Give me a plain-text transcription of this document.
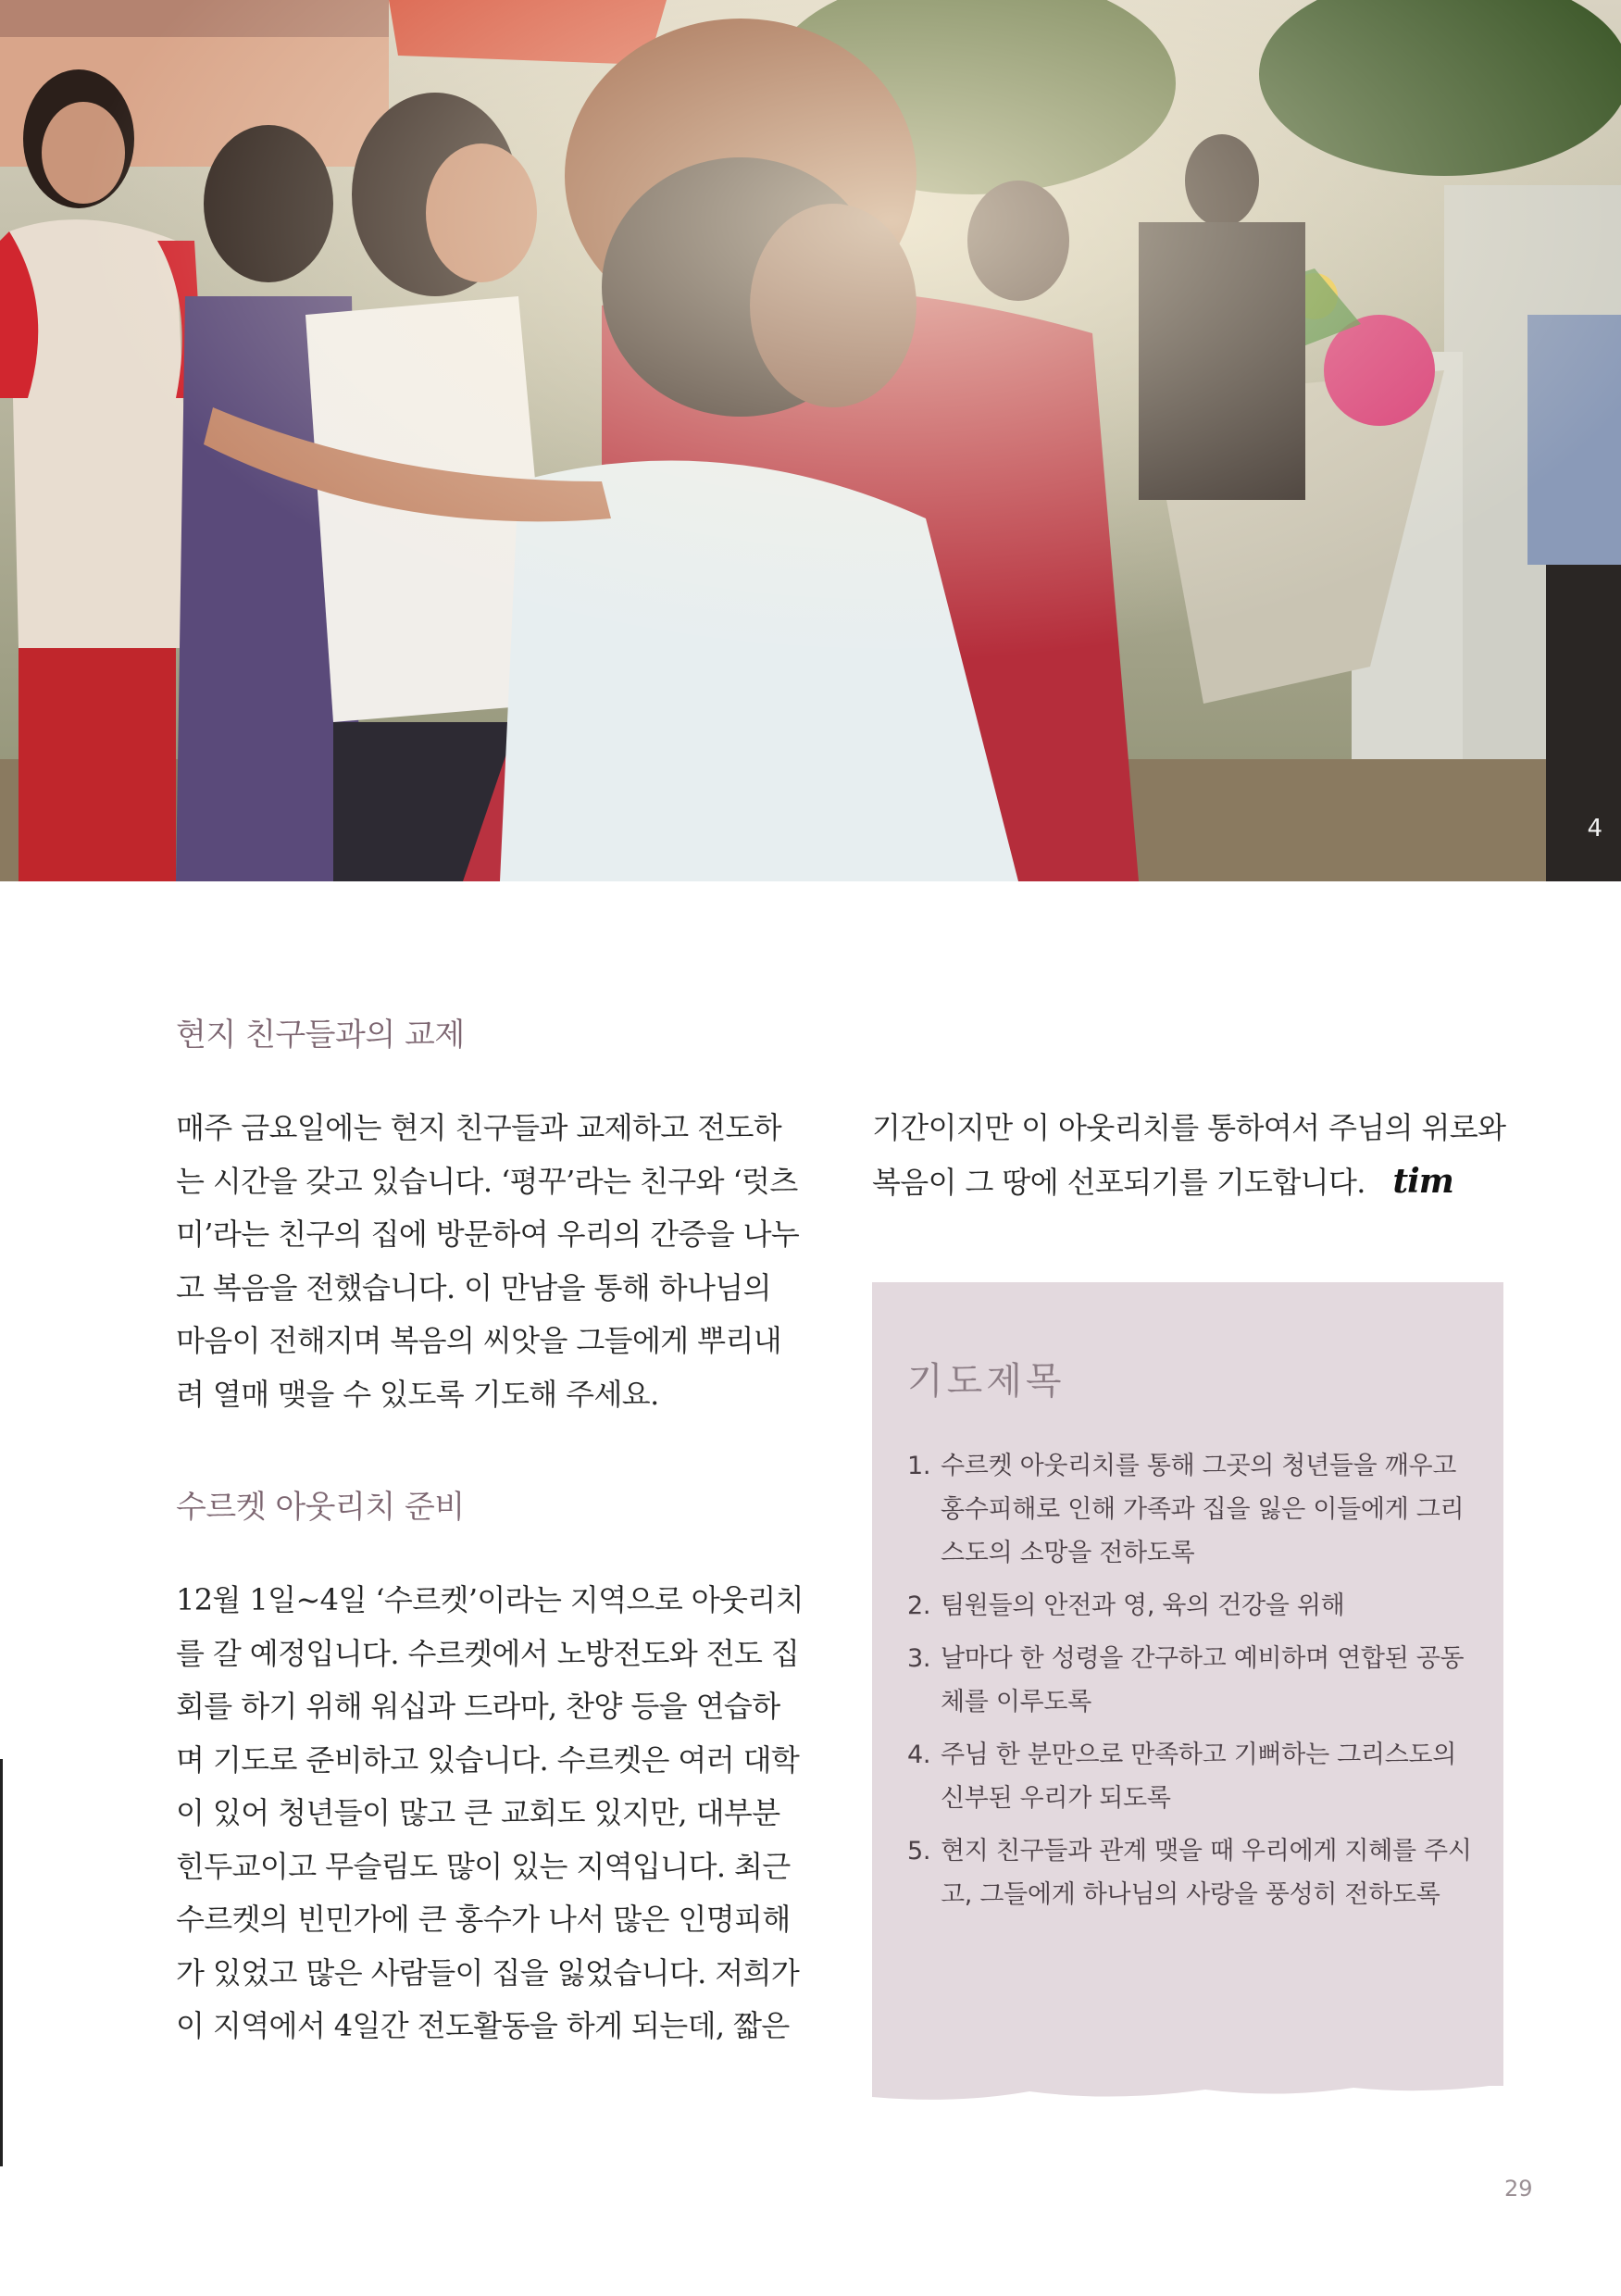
4
현지 친구들과의 교제

매주 금요일에는 현지 친구들과 교제하고 전도하는 시간을 갖고 있습니다. ‘평꾸’라는 친구와 ‘럿츠미’라는 친구의 집에 방문하여 우리의 간증을 나누고 복음을 전했습니다. 이 만남을 통해 하나님의 마음이 전해지며 복음의 씨앗을 그들에게 뿌리내려 열매 맺을 수 있도록 기도해 주세요.

수르켓 아웃리치 준비

12월 1일~4일 ‘수르켓’이라는 지역으로 아웃리치를 갈 예정입니다. 수르켓에서 노방전도와 전도 집회를 하기 위해 워십과 드라마, 찬양 등을 연습하며 기도로 준비하고 있습니다. 수르켓은 여러 대학이 있어 청년들이 많고 큰 교회도 있지만, 대부분 힌두교이고 무슬림도 많이 있는 지역입니다. 최근 수르켓의 빈민가에 큰 홍수가 나서 많은 인명피해가 있었고 많은 사람들이 집을 잃었습니다. 저희가 이 지역에서 4일간 전도활동을 하게 되는데, 짧은

기간이지만 이 아웃리치를 통하여서 주님의 위로와 복음이 그 땅에 선포되기를 기도합니다. tim

기도제목
1. 수르켓 아웃리치를 통해 그곳의 청년들을 깨우고 홍수피해로 인해 가족과 집을 잃은 이들에게 그리스도의 소망을 전하도록
2. 팀원들의 안전과 영, 육의 건강을 위해
3. 날마다 한 성령을 간구하고 예비하며 연합된 공동체를 이루도록
4. 주님 한 분만으로 만족하고 기뻐하는 그리스도의 신부된 우리가 되도록
5. 현지 친구들과 관계 맺을 때 우리에게 지혜를 주시고, 그들에게 하나님의 사랑을 풍성히 전하도록
29
